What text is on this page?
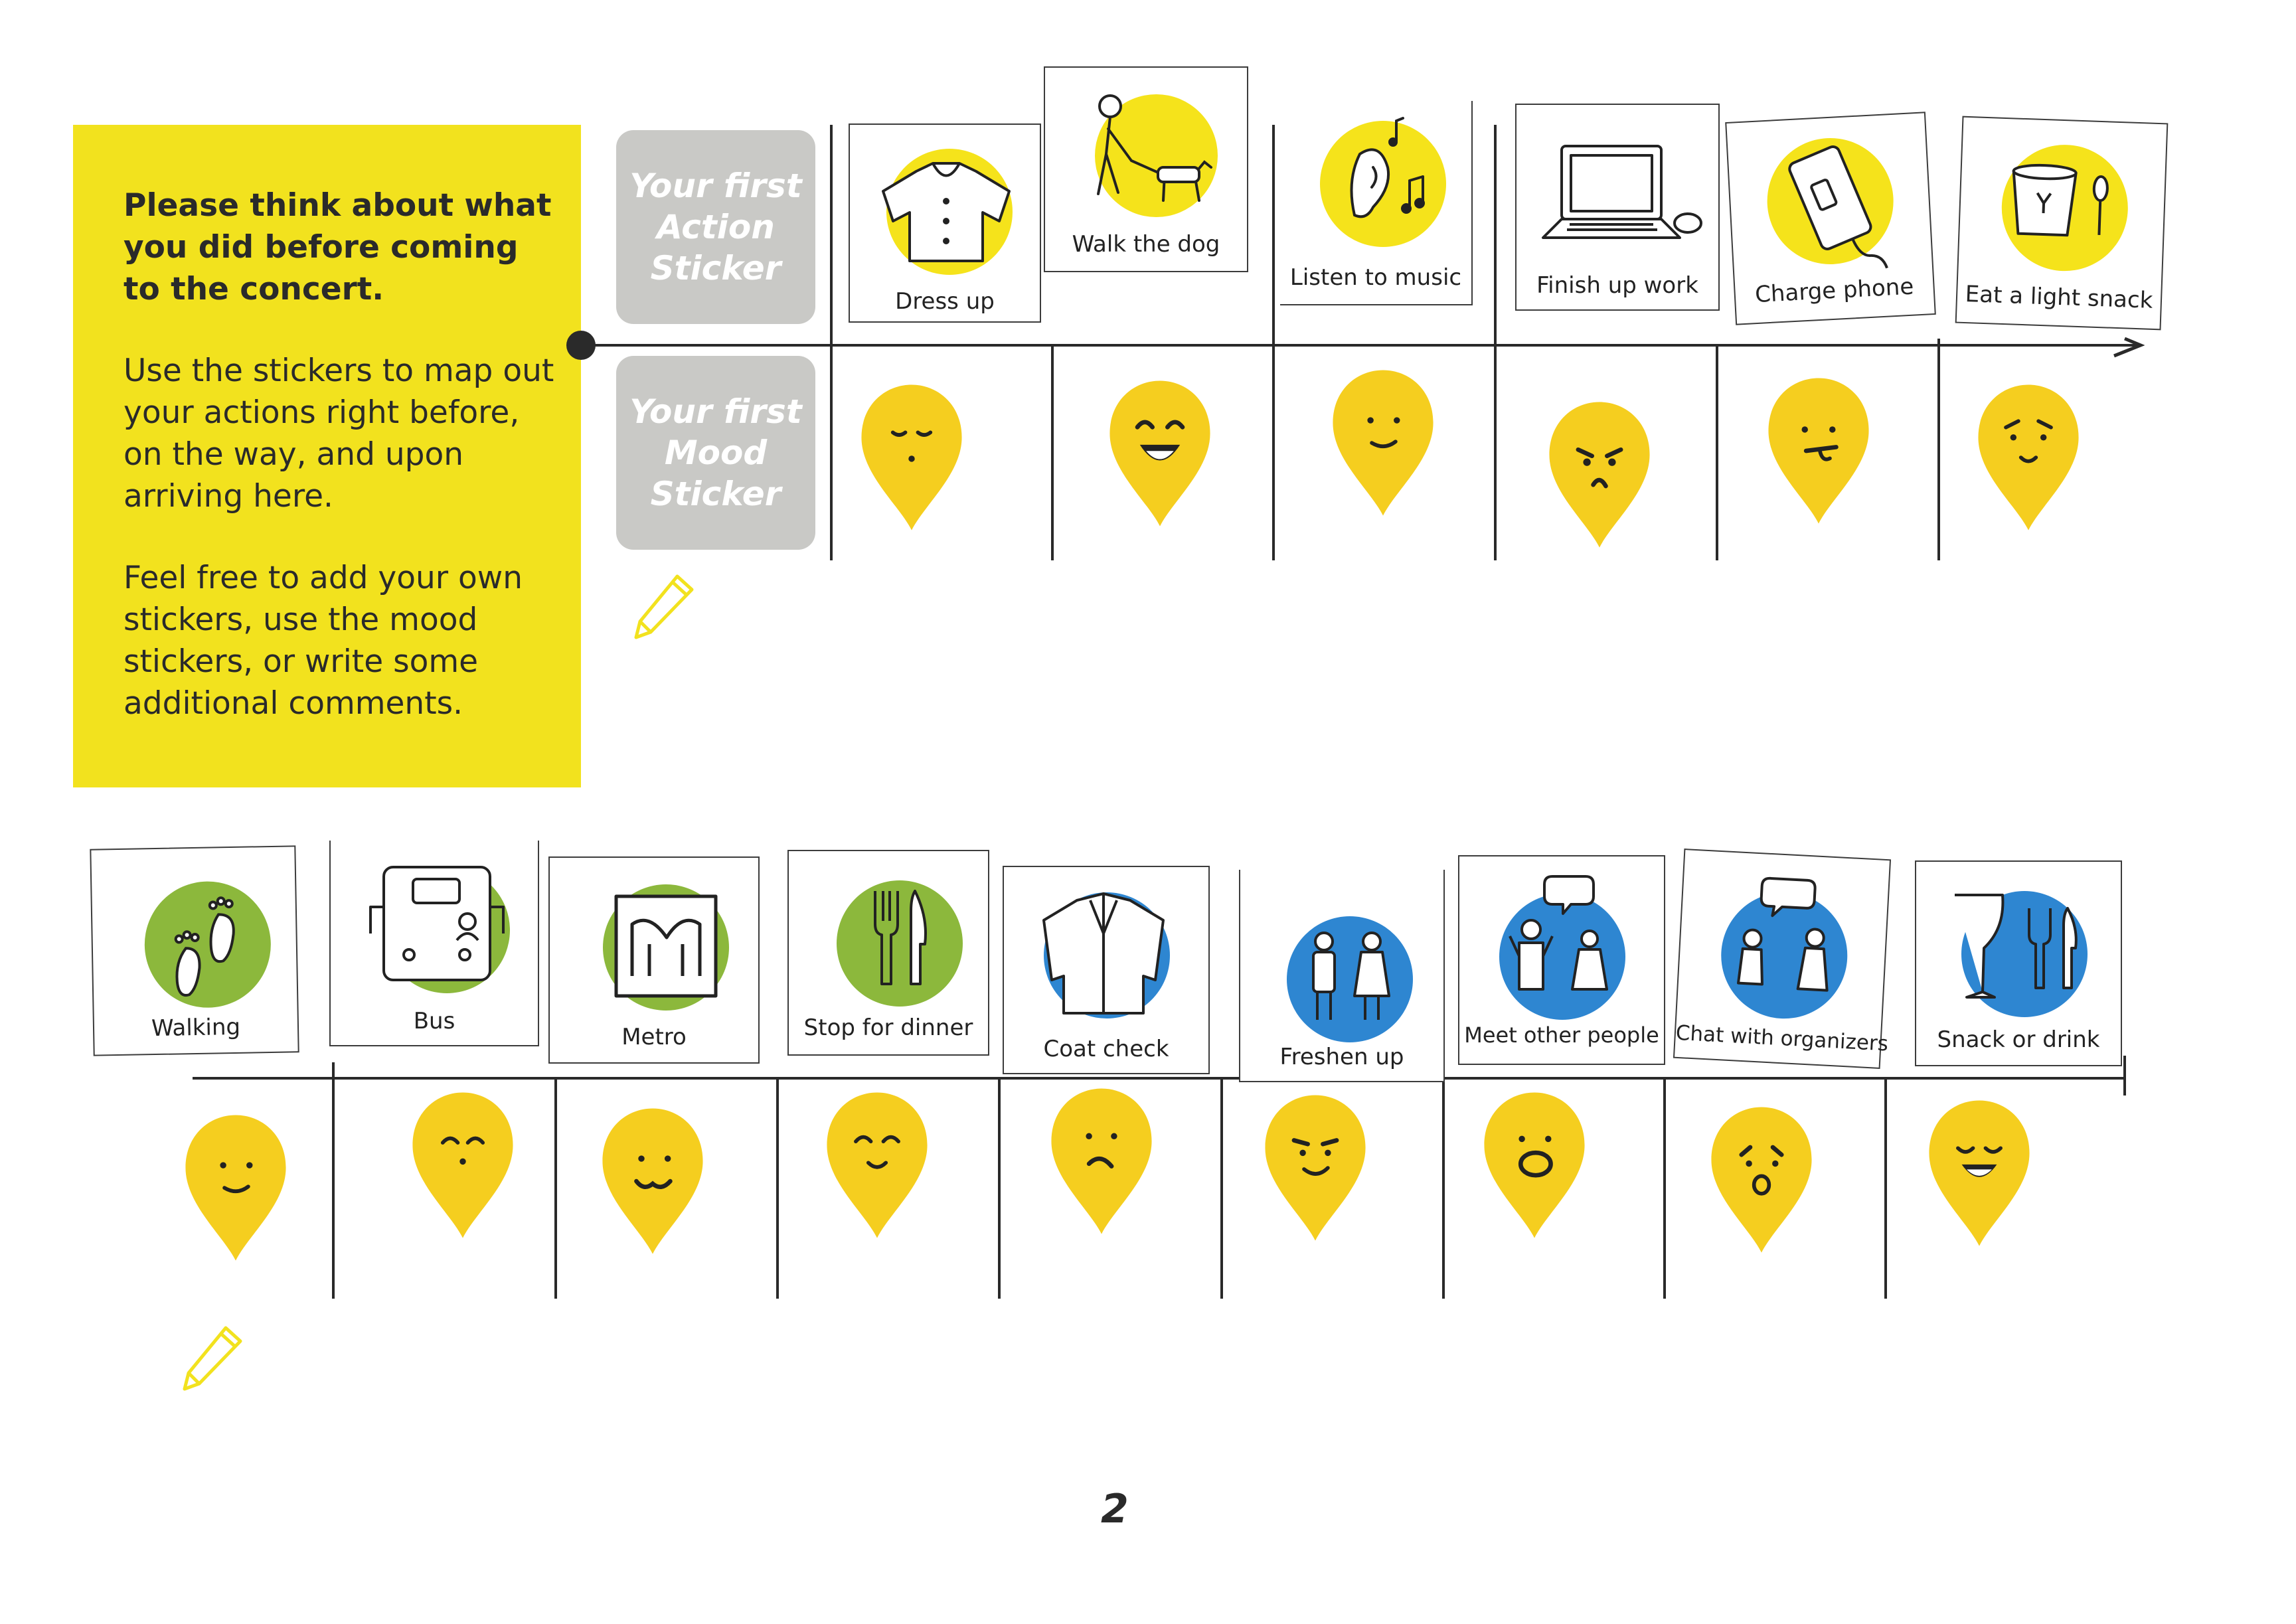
Please think about what you did before coming to the concert.

Use the stickers to map out your actions right before, on the way, and upon arriving here.

Feel free to add your own stickers, use the mood stickers, or write some additional comments.

Your first
Action
Sticker
Your first
Mood
Sticker
Dress up
Walk the dog
Listen to music	Finish up work	Charge phone	Eat a light snack
Walking	Bus
Metro	Stop for dinner
Coat check	Freshen up
Meet other people Chat with organizers	Snack or drink
2
